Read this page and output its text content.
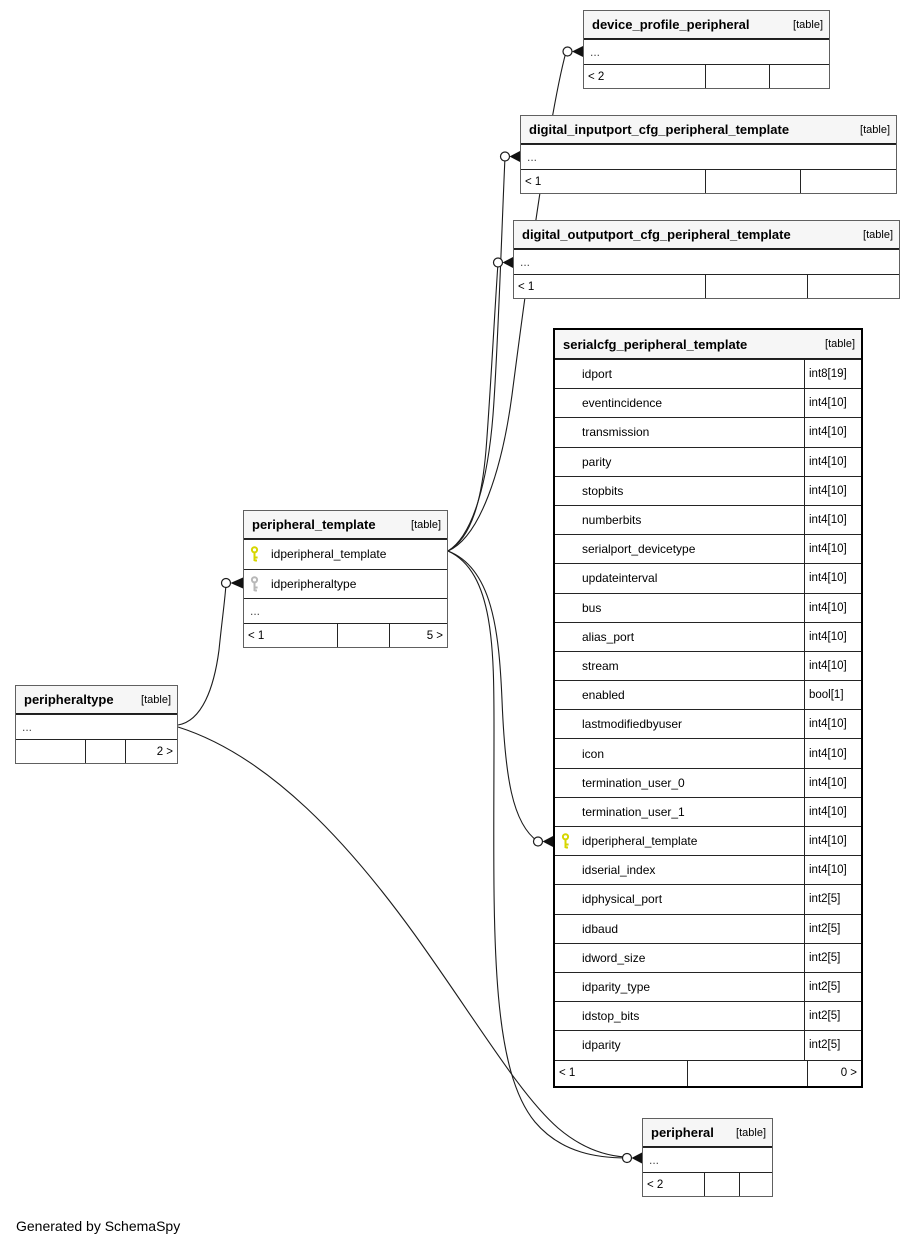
device_profile_peripheral	[table]
...
< 2
digital_inputport_cfg_peripheral_template	[table]
...
< 1
digital_outputport_cfg_peripheral_template	[table]
...
< 1
serialcfg_peripheral_template	[table]
idport	int8[19]
eventincidence	int4[10]
transmission	int4[10]
parity	int4[10]
stopbits	int4[10]
numberbits	int4[10]
serialport_devicetype	int4[10]
updateinterval	int4[10]
bus	int4[10]
alias_port	int4[10]
stream	int4[10]
enabled	bool[1]
lastmodifiedbyuser	int4[10]
icon	int4[10]
termination_user_0	int4[10]
termination_user_1	int4[10]
idperipheral_template	int4[10]
idserial_index	int4[10]
idphysical_port	int2[5]
idbaud	int2[5]
idword_size	int2[5]
idparity_type	int2[5]
idstop_bits	int2[5]
idparity	int2[5]
< 1	0 >
peripheral_template	[table]
idperipheral_template
idperipheraltype
...
< 1	5 >
peripheraltype [table]
...
2 >
peripheral [table]
...
< 2
Generated by SchemaSpy
